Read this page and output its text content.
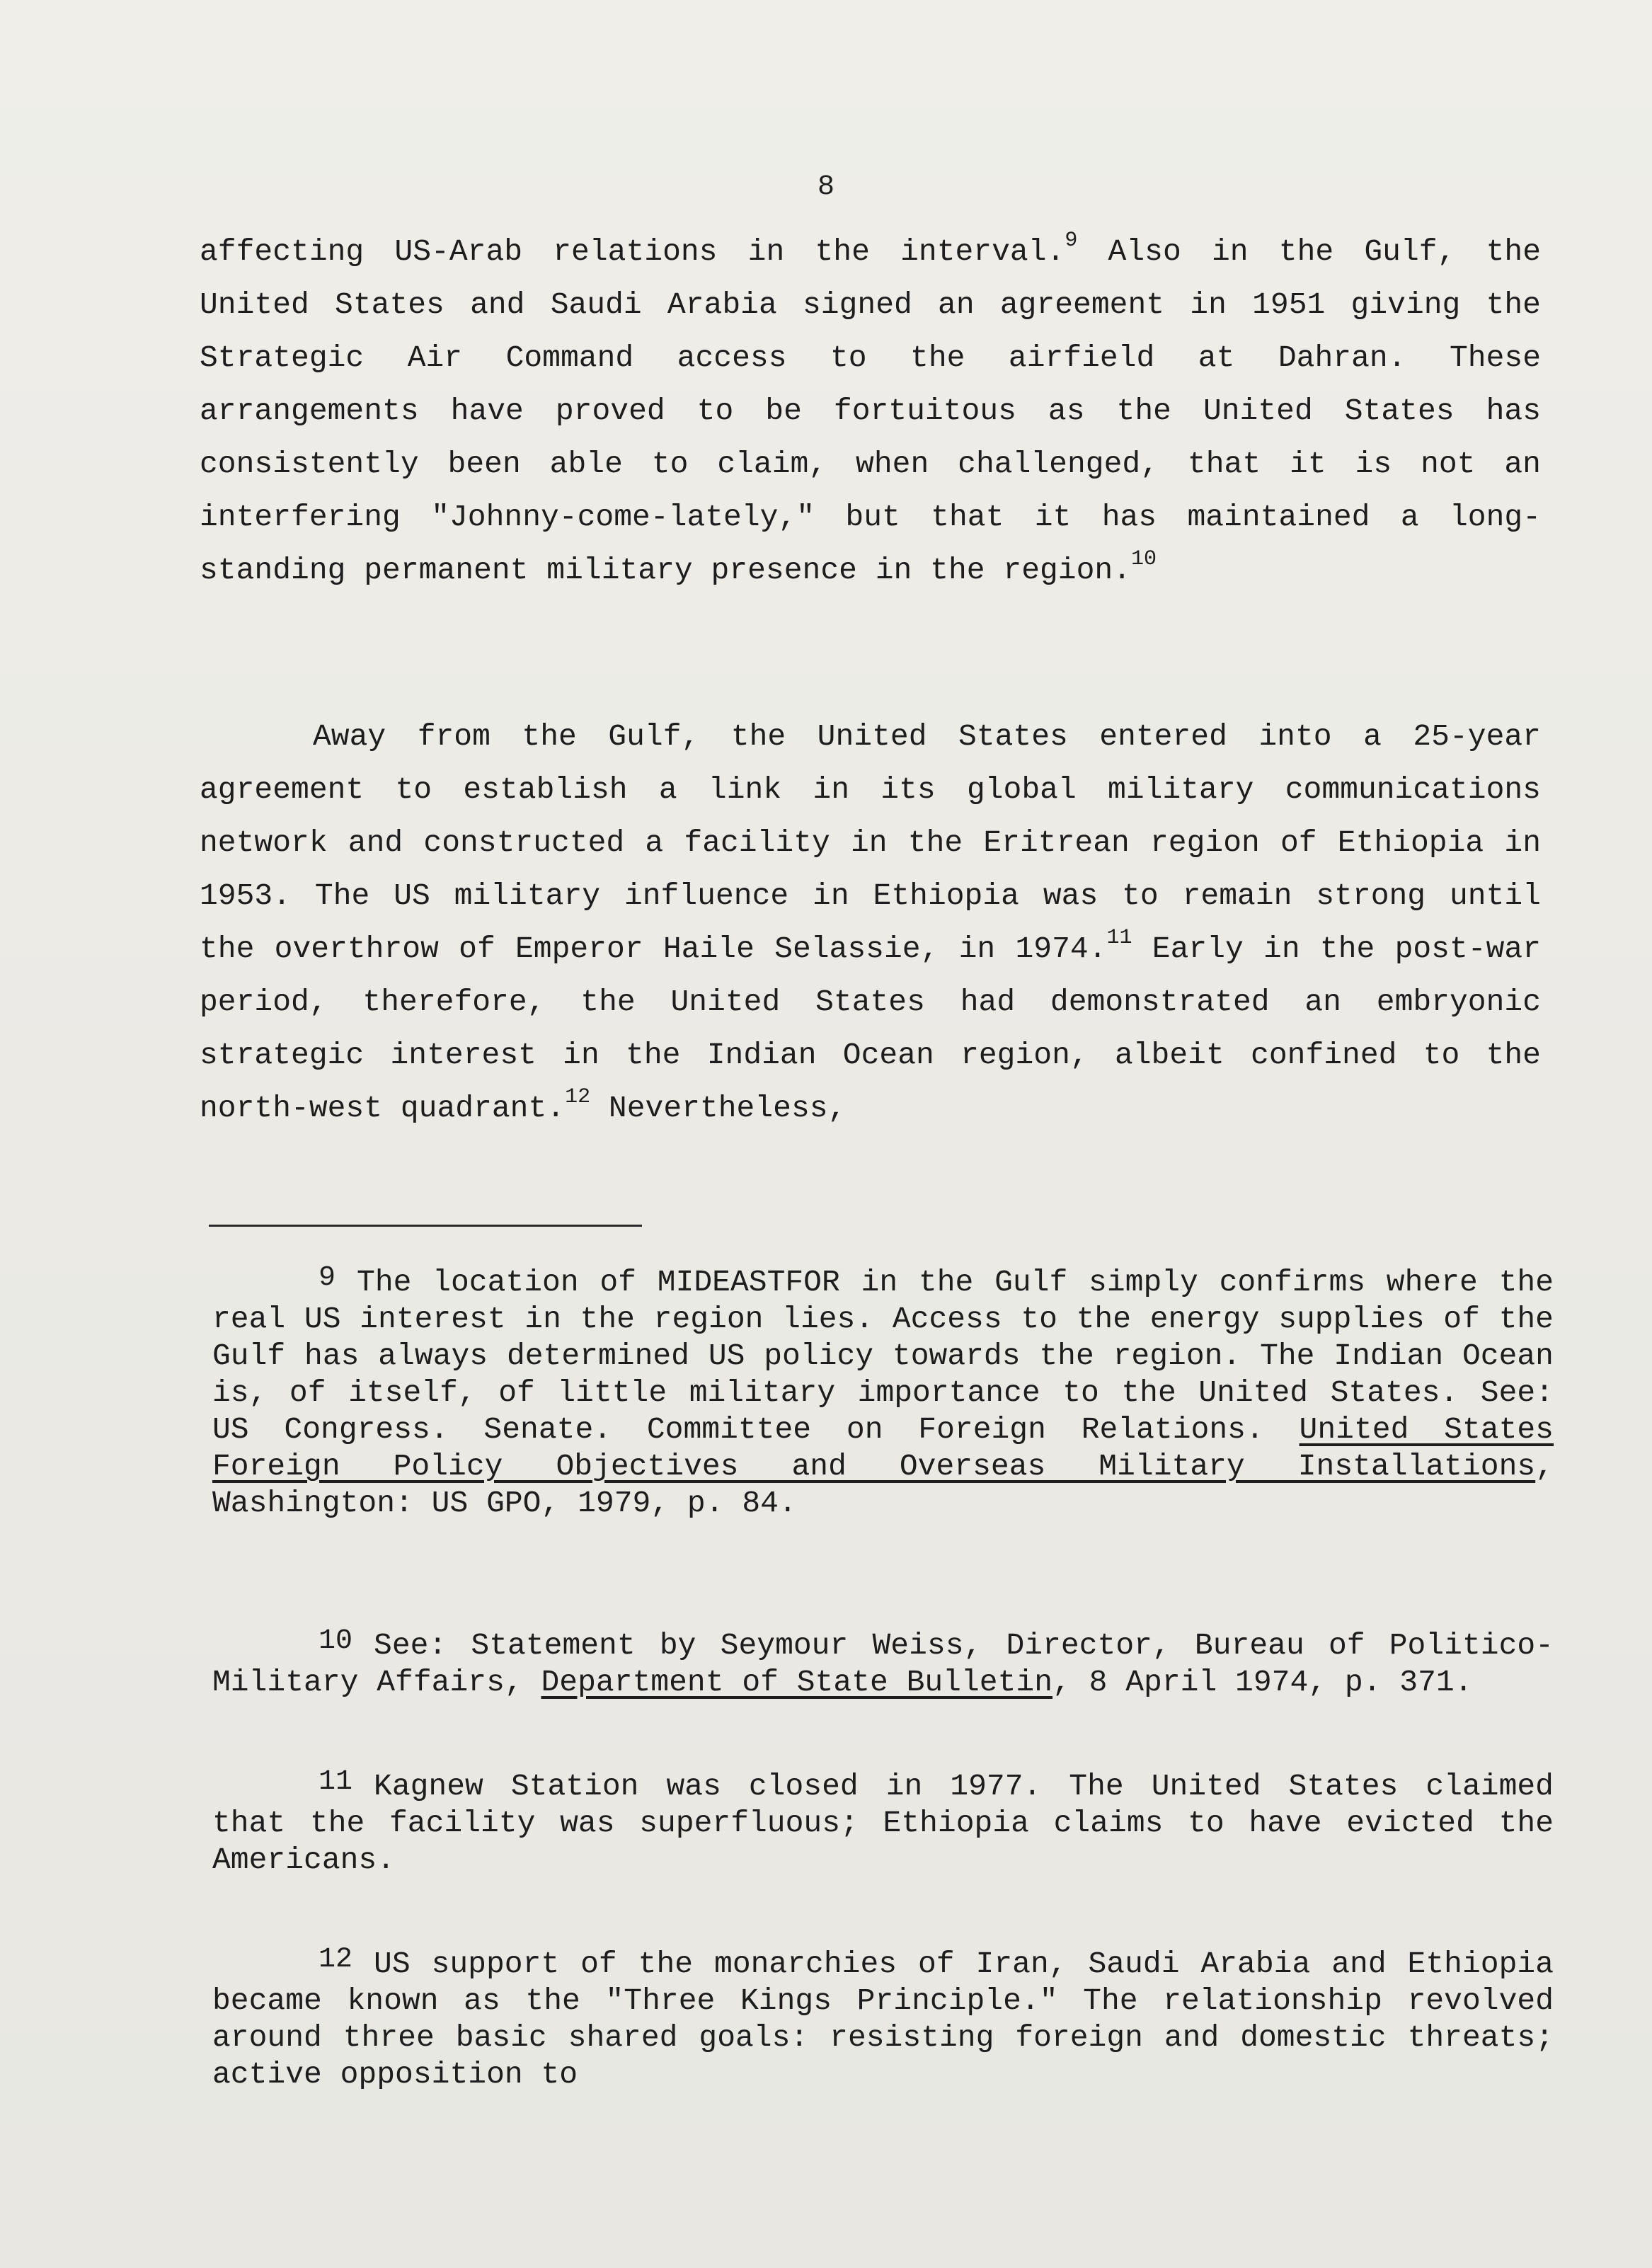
8
affecting US-Arab relations in the interval.$^9$ Also in the Gulf, the United States and Saudi Arabia signed an agreement in 1951 giving the Strategic Air Command access to the airfield at Dahran. These arrangements have proved to be fortuitous as the United States has consistently been able to claim, when challenged, that it is not an interfering "Johnny-come-lately," but that it has maintained a long-standing permanent military presence in the region.$^{10}$
Away from the Gulf, the United States entered into a 25-year agreement to establish a link in its global military communications network and constructed a facility in the Eritrean region of Ethiopia in 1953. The US military influence in Ethiopia was to remain strong until the overthrow of Emperor Haile Selassie, in 1974.11 Early in the post-war period, therefore, the United States had demonstrated an embryonic strategic interest in the Indian Ocean region, albeit confined to the north-west quadrant.$^{12}$ Nevertheless,
9 The location of MIDEASTFOR in the Gulf simply confirms where the real US interest in the region lies. Access to the energy supplies of the Gulf has always determined US policy towards the region. The Indian Ocean is, of itself, of little military importance to the United States. See: US Congress. Senate. Committee on Foreign Relations. United States Foreign Policy Objectives and Overseas Military Installations, Washington: US GPO, 1979, p. 84.
10 See: Statement by Seymour Weiss, Director, Bureau of Politico-Military Affairs, Department of State Bulletin, 8 April 1974, p. 371.
11 Kagnew Station was closed in 1977. The United States claimed that the facility was superfluous; Ethiopia claims to have evicted the Americans.
12 US support of the monarchies of Iran, Saudi Arabia and Ethiopia became known as the "Three Kings Principle." The relationship revolved around three basic shared goals: resisting foreign and domestic threats; active opposition to
